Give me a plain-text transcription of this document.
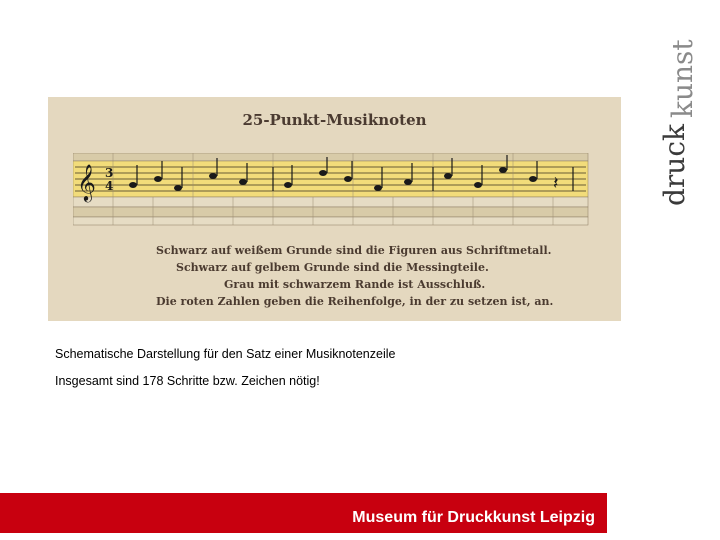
druck
kunst
25-Punkt-Musiknoten
𝄞 3
4	𝄽
Schwarz auf weißem Grunde sind die Figuren aus Schriftmetall.
Schwarz auf gelbem Grunde sind die Messingteile.
Grau mit schwarzem Rande ist Ausschluß.
Die roten Zahlen geben die Reihenfolge, in der zu setzen ist, an.
Schematische Darstellung für den Satz einer Musiknotenzeile
Insgesamt sind 178 Schritte bzw. Zeichen nötig!
Museum für Druckkunst Leipzig
